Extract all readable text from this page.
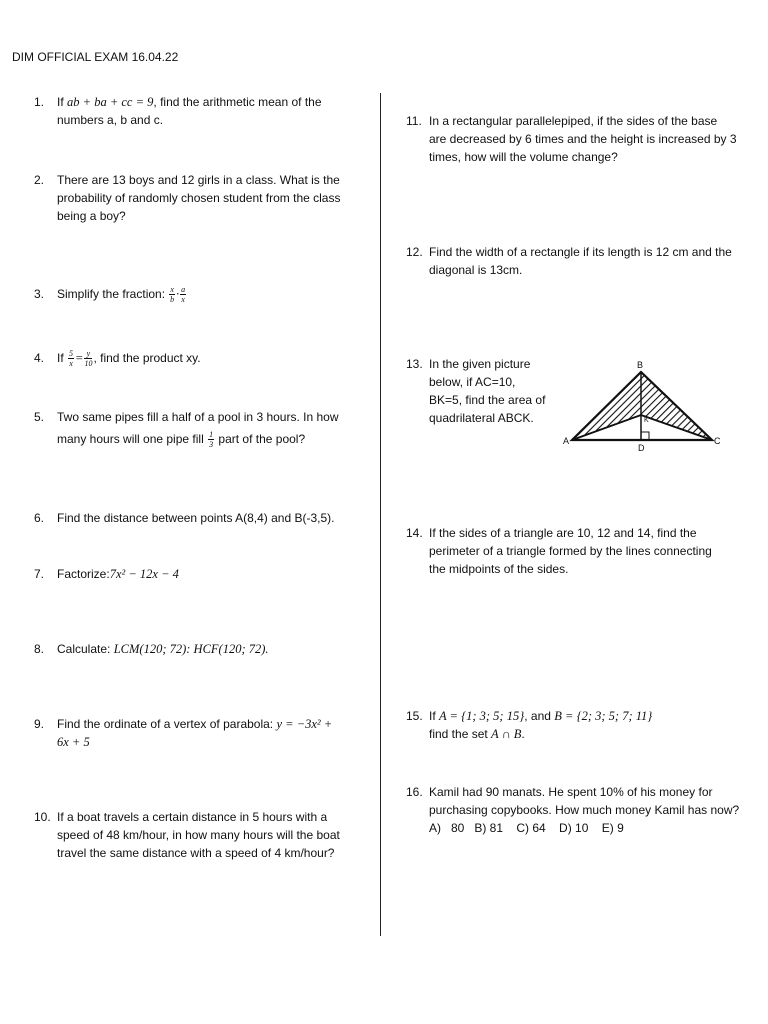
DIM OFFICIAL EXAM 16.04.22
1. If ab + ba + cc = 9, find the arithmetic mean of the
numbers a, b and c.
2. There are 13 boys and 12 girls in a class. What is the
probability of randomly chosen student from the class
being a boy?
3. Simplify the fraction: $\frac{x}{b} \cdot \frac{a}{x}$
4. If $\frac{5}{x} = \frac{y}{10}$ , find the product xy.
5. Two same pipes fill a half of a pool in 3 hours. In how
many hours will one pipe fill $\frac{1}{3}$ part of the pool?
6. Find the distance between points A(8,4) and B(-3,5).
7. Factorize:7x² − 12x − 4
8. Calculate: LCM(120; 72): HCF(120; 72).
9. Find the ordinate of a vertex of parabola: y = −3x² +
6x + 5
10. If a boat travels a certain distance in 5 hours with a
speed of 48 km/hour, in how many hours will the boat
travel the same distance with a speed of 4 km/hour?
11. In a rectangular parallelepiped, if the sides of the base
are decreased by 6 times and the height is increased by 3
times, how will the volume change?
12. Find the width of a rectangle if its length is 12 cm and the
diagonal is 13cm.
13. In the given picture
below, if AC=10,
BK=5, find the area of
quadrilateral ABCK.
B
A	C
D
K
14. If the sides of a triangle are 10, 12 and 14, find the
perimeter of a triangle formed by the lines connecting
the midpoints of the sides.
15. If A = {1; 3; 5; 15}, and B = {2; 3; 5; 7; 11}
find the set A ∩ B.
16. Kamil had 90 manats. He spent 10% of his money for
purchasing copybooks. How much money Kamil has now?
A)   80   B) 81    C) 64    D) 10    E) 9
